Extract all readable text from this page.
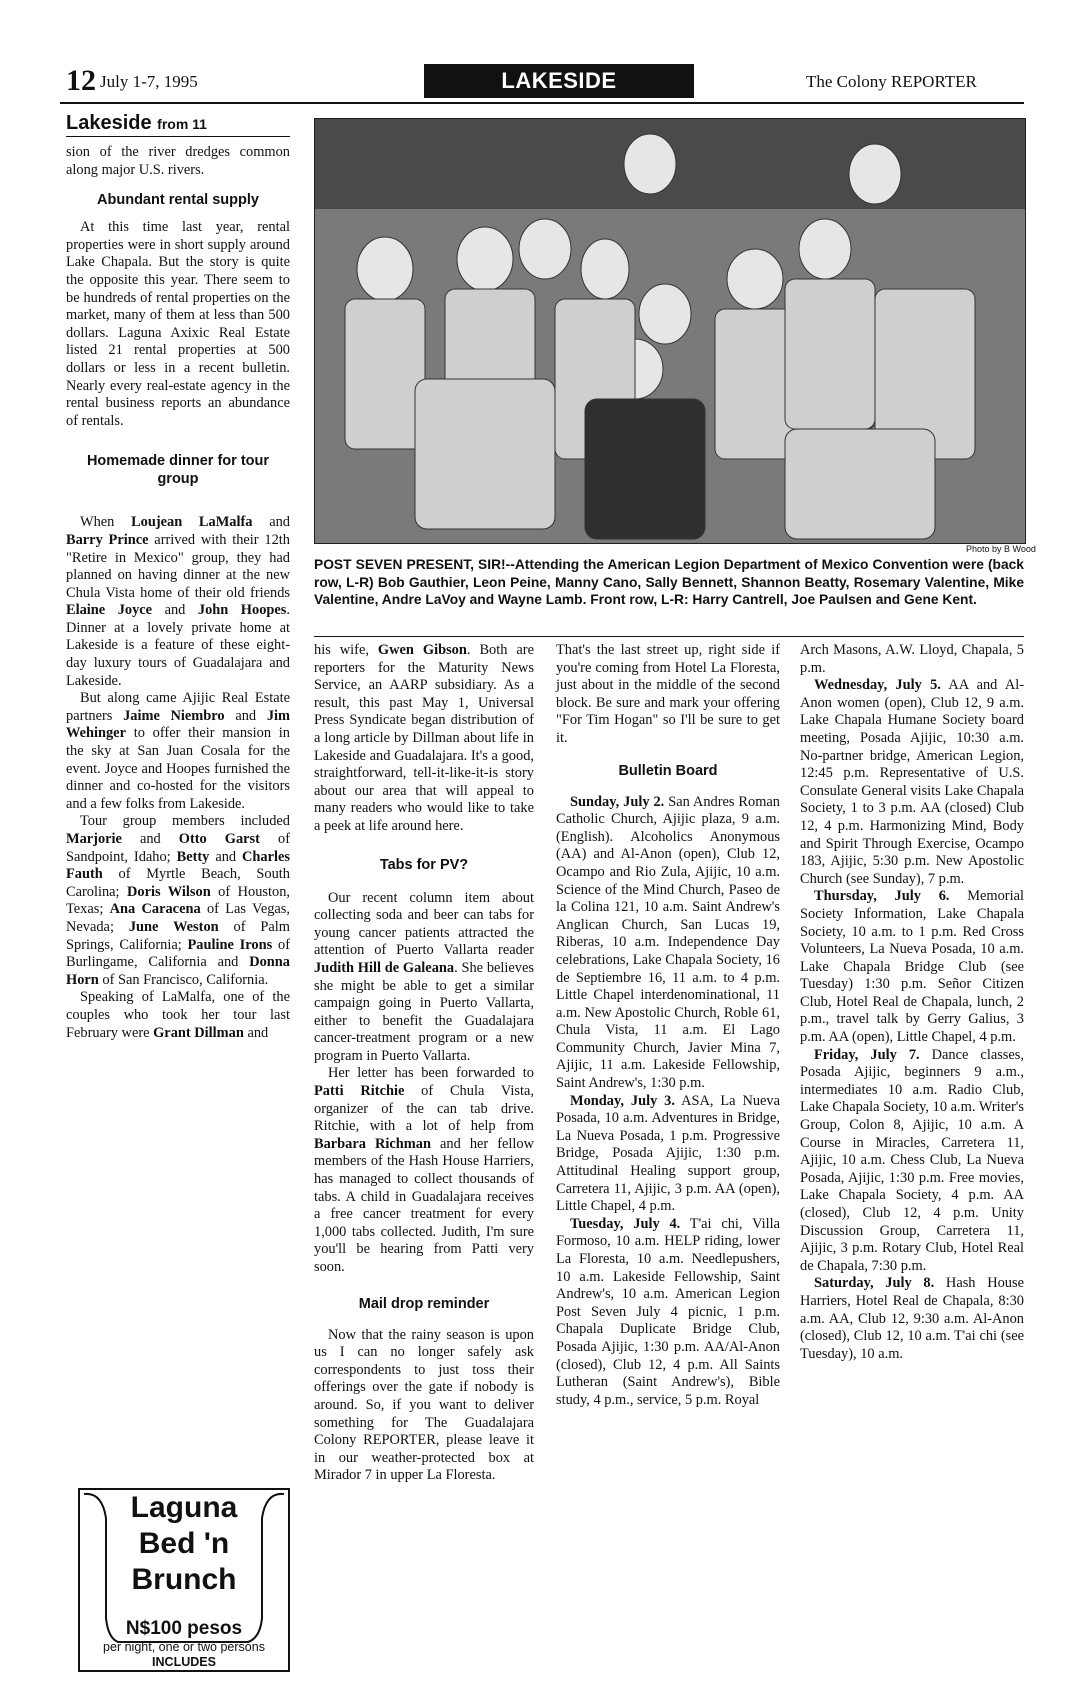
12 July 1-7, 1995	LAKESIDE	The Colony REPORTER
Lakeside from 11

sion of the river dredges common along major U.S. rivers.

Abundant rental supply

At this time last year, rental properties were in short supply around Lake Chapala. But the story is quite the opposite this year. There seem to be hundreds of rental properties on the market, many of them at less than 500 dollars. Laguna Axixic Real Estate listed 21 rental properties at 500 dollars or less in a recent bulletin. Nearly every real-estate agency in the rental business reports an abundance of rentals.

Homemade dinner for tour group

When Loujean LaMalfa and Barry Prince arrived with their 12th "Retire in Mexico" group, they had planned on having dinner at the new Chula Vista home of their old friends Elaine Joyce and John Hoopes. Dinner at a lovely private home at Lakeside is a feature of these eight-day luxury tours of Guadalajara and Lakeside.

But along came Ajijic Real Estate partners Jaime Niembro and Jim Wehinger to offer their mansion in the sky at San Juan Cosala for the event. Joyce and Hoopes furnished the dinner and co-hosted for the visitors and a few folks from Lakeside.

Tour group members included Marjorie and Otto Garst of Sandpoint, Idaho; Betty and Charles Fauth of Myrtle Beach, South Carolina; Doris Wilson of Houston, Texas; Ana Caracena of Las Vegas, Nevada; June Weston of Palm Springs, California; Pauline Irons of Burlingame, California and Donna Horn of San Francisco, California.

Speaking of LaMalfa, one of the couples who took her tour last February were Grant Dillman and

Laguna
Bed 'n
Brunch
N$100 pesos
per night, one or two persons
INCLUDES
Photo by B Wood
POST SEVEN PRESENT, SIR!--Attending the American Legion Department of Mexico Convention were (back row, L-R) Bob Gauthier, Leon Peine, Manny Cano, Sally Bennett, Shannon Beatty, Rosemary Valentine, Mike Valentine, Andre LaVoy and Wayne Lamb. Front row, L-R: Harry Cantrell, Joe Paulsen and Gene Kent.

his wife, Gwen Gibson. Both are reporters for the Maturity News Service, an AARP subsidiary. As a result, this past May 1, Universal Press Syndicate began distribution of a long article by Dillman about life in Lakeside and Guadalajara. It's a good, straightforward, tell-it-like-it-is story about our area that will appeal to many readers who would like to take a peek at life around here.

Tabs for PV?

Our recent column item about collecting soda and beer can tabs for young cancer patients attracted the attention of Puerto Vallarta reader Judith Hill de Galeana. She believes she might be able to get a similar campaign going in Puerto Vallarta, either to benefit the Guadalajara cancer-treatment program or a new program in Puerto Vallarta.

Her letter has been forwarded to Patti Ritchie of Chula Vista, organizer of the can tab drive. Ritchie, with a lot of help from Barbara Richman and her fellow members of the Hash House Harriers, has managed to collect thousands of tabs. A child in Guadalajara receives a free cancer treatment for every 1,000 tabs collected. Judith, I'm sure you'll be hearing from Patti very soon.

Mail drop reminder

Now that the rainy season is upon us I can no longer safely ask correspondents to just toss their offerings over the gate if nobody is around. So, if you want to deliver something for The Guadalajara Colony REPORTER, please leave it in our weather-protected box at Mirador 7 in upper La Floresta.

That's the last street up, right side if you're coming from Hotel La Floresta, just about in the middle of the second block. Be sure and mark your offering "For Tim Hogan" so I'll be sure to get it.

Bulletin Board

Sunday, July 2. San Andres Roman Catholic Church, Ajijic plaza, 9 a.m. (English). Alcoholics Anonymous (AA) and Al-Anon (open), Club 12, Ocampo and Rio Zula, Ajijic, 10 a.m. Science of the Mind Church, Paseo de la Colina 121, 10 a.m. Saint Andrew's Anglican Church, San Lucas 19, Riberas, 10 a.m. Independence Day celebrations, Lake Chapala Society, 16 de Septiembre 16, 11 a.m. to 4 p.m. Little Chapel interdenominational, 11 a.m. New Apostolic Church, Roble 61, Chula Vista, 11 a.m. El Lago Community Church, Javier Mina 7, Ajijic, 11 a.m. Lakeside Fellowship, Saint Andrew's, 1:30 p.m.

Monday, July 3. ASA, La Nueva Posada, 10 a.m. Adventures in Bridge, La Nueva Posada, 1 p.m. Progressive Bridge, Posada Ajijic, 1:30 p.m. Attitudinal Healing support group, Carretera 11, Ajijic, 3 p.m. AA (open), Little Chapel, 4 p.m.

Tuesday, July 4. T'ai chi, Villa Formoso, 10 a.m. HELP riding, lower La Floresta, 10 a.m. Needlepushers, 10 a.m. Lakeside Fellowship, Saint Andrew's, 10 a.m. American Legion Post Seven July 4 picnic, 1 p.m. Chapala Duplicate Bridge Club, Posada Ajijic, 1:30 p.m. AA/Al-Anon (closed), Club 12, 4 p.m. All Saints Lutheran (Saint Andrew's), Bible study, 4 p.m., service, 5 p.m. Royal

Arch Masons, A.W. Lloyd, Chapala, 5 p.m.

Wednesday, July 5. AA and Al-Anon women (open), Club 12, 9 a.m. Lake Chapala Humane Society board meeting, Posada Ajijic, 10:30 a.m. No-partner bridge, American Legion, 12:45 p.m. Representative of U.S. Consulate General visits Lake Chapala Society, 1 to 3 p.m. AA (closed) Club 12, 4 p.m. Harmonizing Mind, Body and Spirit Through Exercise, Ocampo 183, Ajijic, 5:30 p.m. New Apostolic Church (see Sunday), 7 p.m.

Thursday, July 6. Memorial Society Information, Lake Chapala Society, 10 a.m. to 1 p.m. Red Cross Volunteers, La Nueva Posada, 10 a.m. Lake Chapala Bridge Club (see Tuesday) 1:30 p.m. Señor Citizen Club, Hotel Real de Chapala, lunch, 2 p.m., travel talk by Gerry Galius, 3 p.m. AA (open), Little Chapel, 4 p.m.

Friday, July 7. Dance classes, Posada Ajijic, beginners 9 a.m., intermediates 10 a.m. Radio Club, Lake Chapala Society, 10 a.m. Writer's Group, Colon 8, Ajijic, 10 a.m. A Course in Miracles, Carretera 11, Ajijic, 10 a.m. Chess Club, La Nueva Posada, Ajijic, 1:30 p.m. Free movies, Lake Chapala Society, 4 p.m. AA (closed), Club 12, 4 p.m. Unity Discussion Group, Carretera 11, Ajijic, 3 p.m. Rotary Club, Hotel Real de Chapala, 7:30 p.m.

Saturday, July 8. Hash House Harriers, Hotel Real de Chapala, 8:30 a.m. AA, Club 12, 9:30 a.m. Al-Anon (closed), Club 12, 10 a.m. T'ai chi (see Tuesday), 10 a.m.
